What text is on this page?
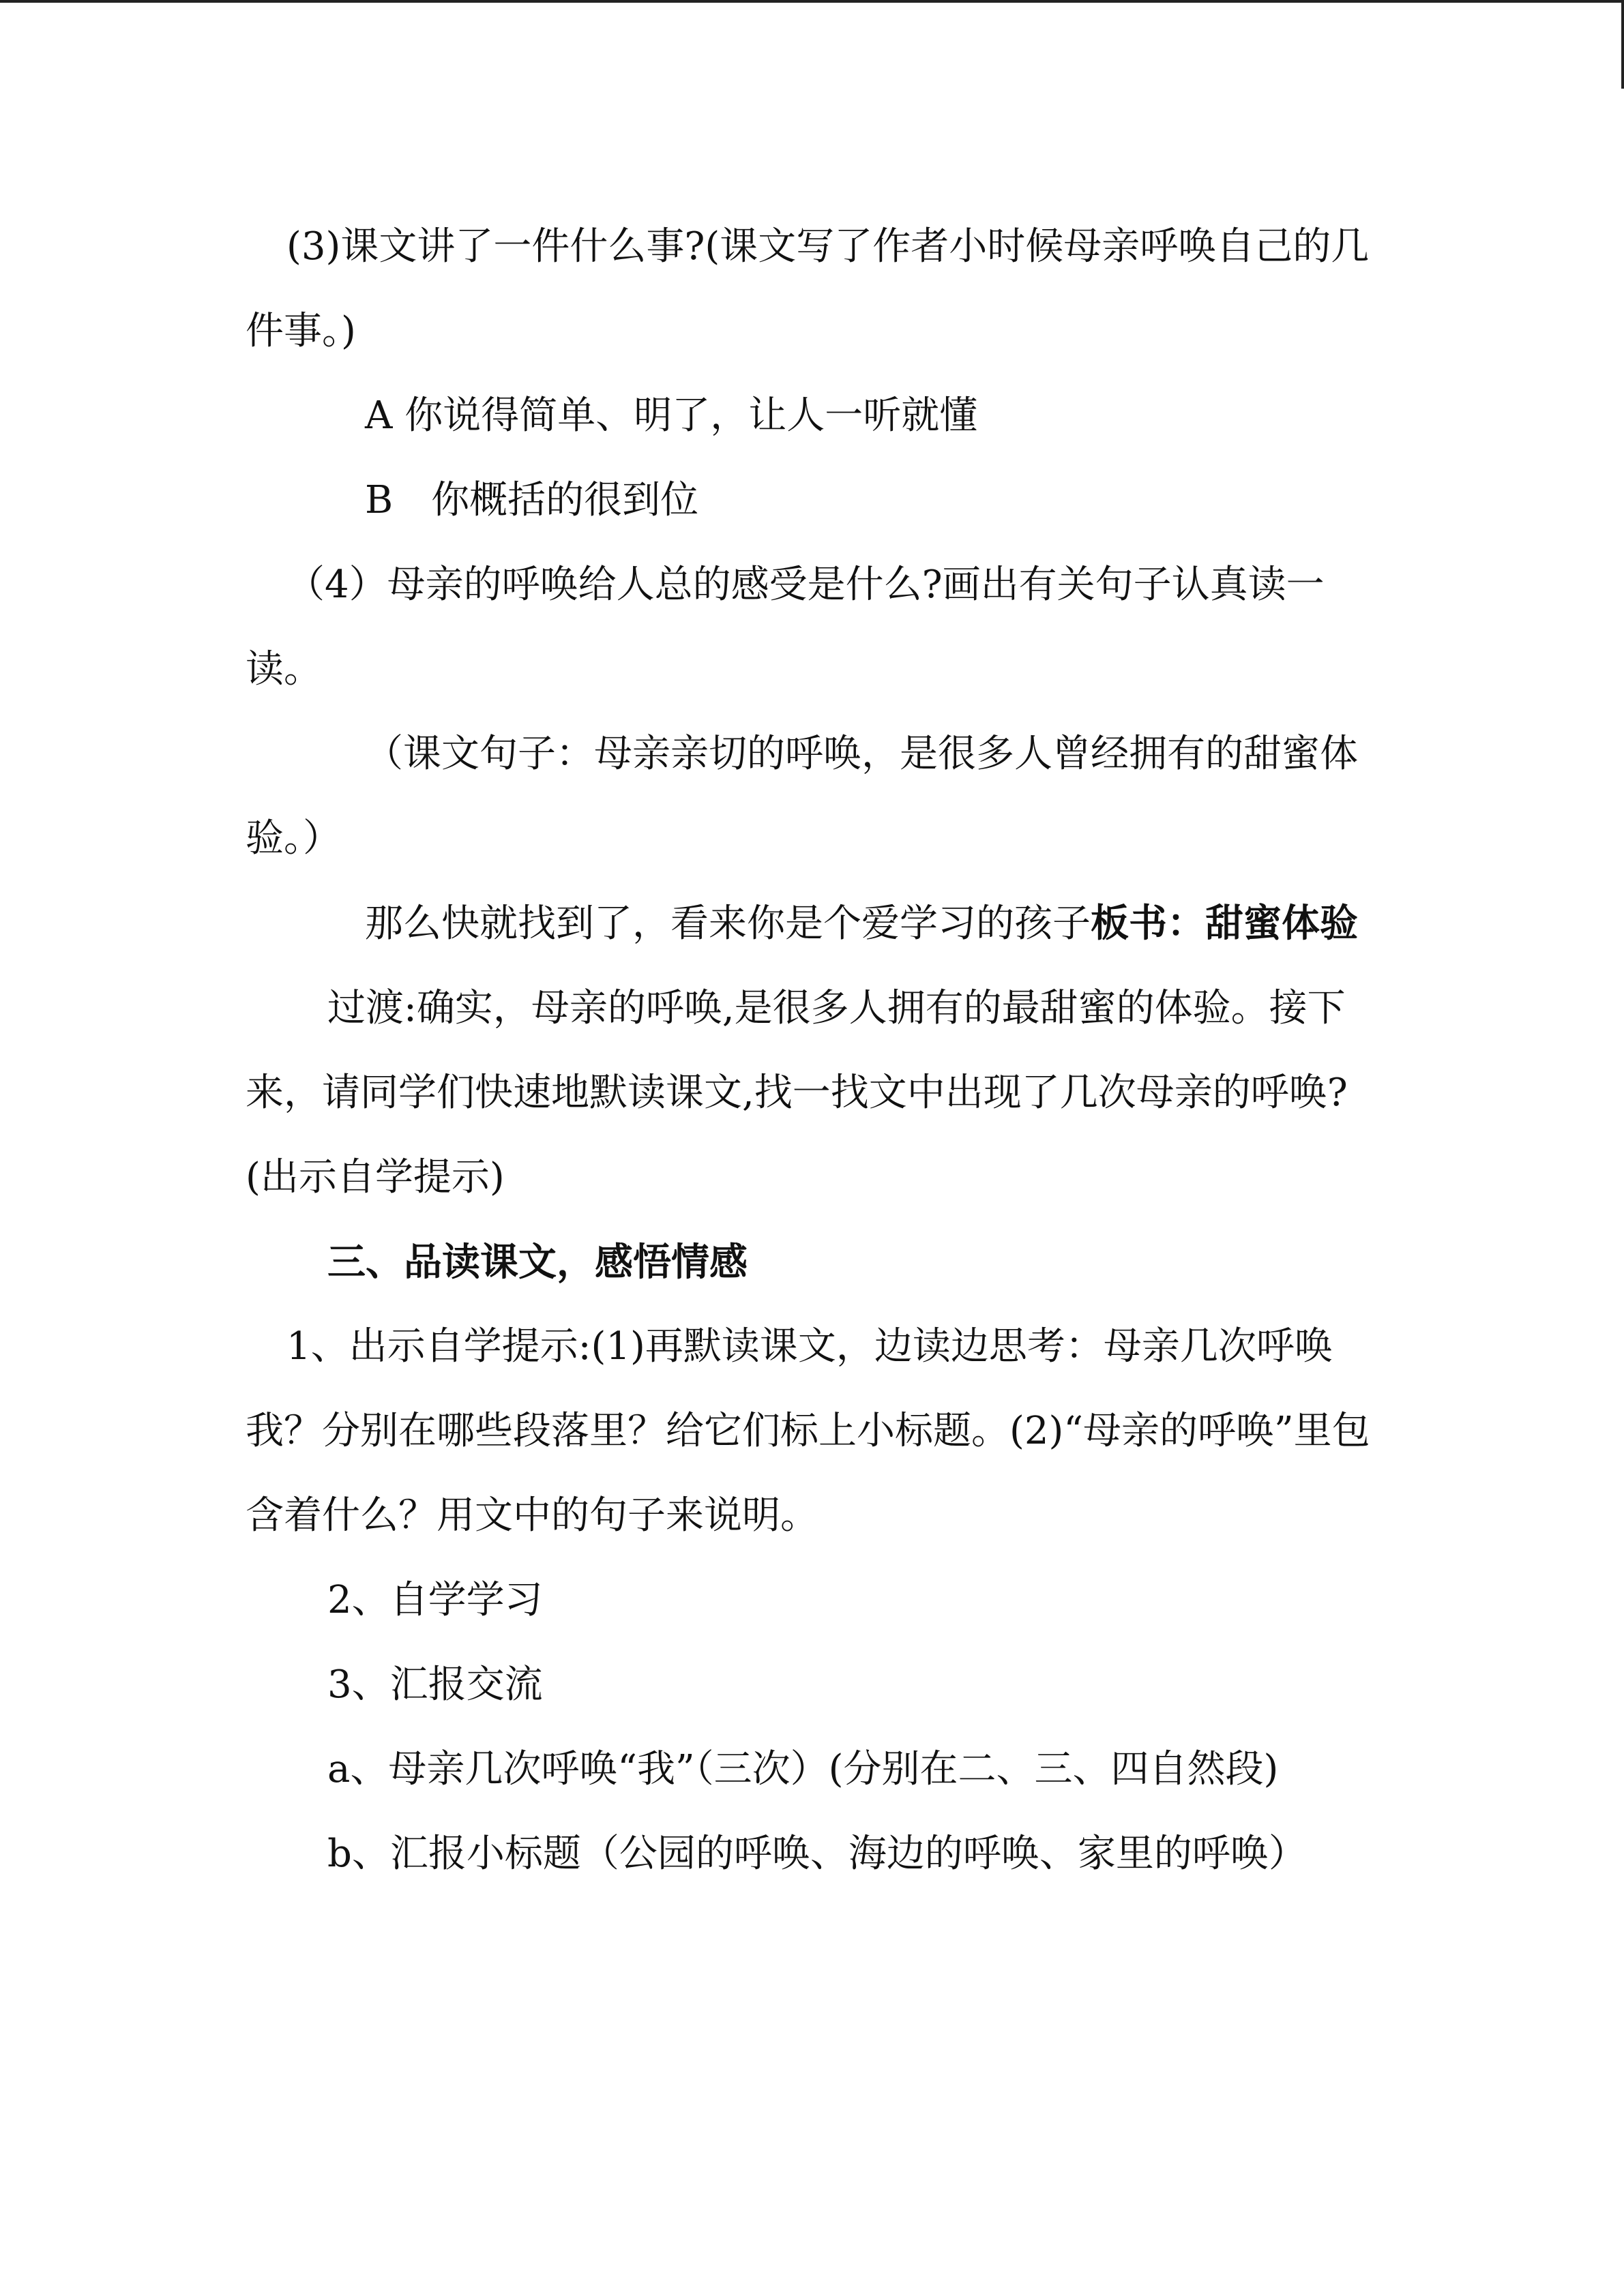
(3)课文讲了一件什么事?(课文写了作者小时候母亲呼唤自己的几件事。)

A 你说得简单、明了，让人一听就懂

B　你概括的很到位

（4）母亲的呼唤给人总的感受是什么?画出有关句子认真读一读。

（课文句子：母亲亲切的呼唤，是很多人曾经拥有的甜蜜体验。）

那么快就找到了，看来你是个爱学习的孩子板书：甜蜜体验

过渡:确实，母亲的呼唤,是很多人拥有的最甜蜜的体验。接下来，请同学们快速地默读课文,找一找文中出现了几次母亲的呼唤?(出示自学提示)

三、品读课文，感悟情感

1、出示自学提示:(1)再默读课文，边读边思考：母亲几次呼唤我？分别在哪些段落里？给它们标上小标题。(2)“母亲的呼唤”里包含着什么？用文中的句子来说明。

2、自学学习

3、汇报交流

a、母亲几次呼唤“我”（三次）(分别在二、三、四自然段)

b、汇报小标题（公园的呼唤、海边的呼唤、家里的呼唤）
